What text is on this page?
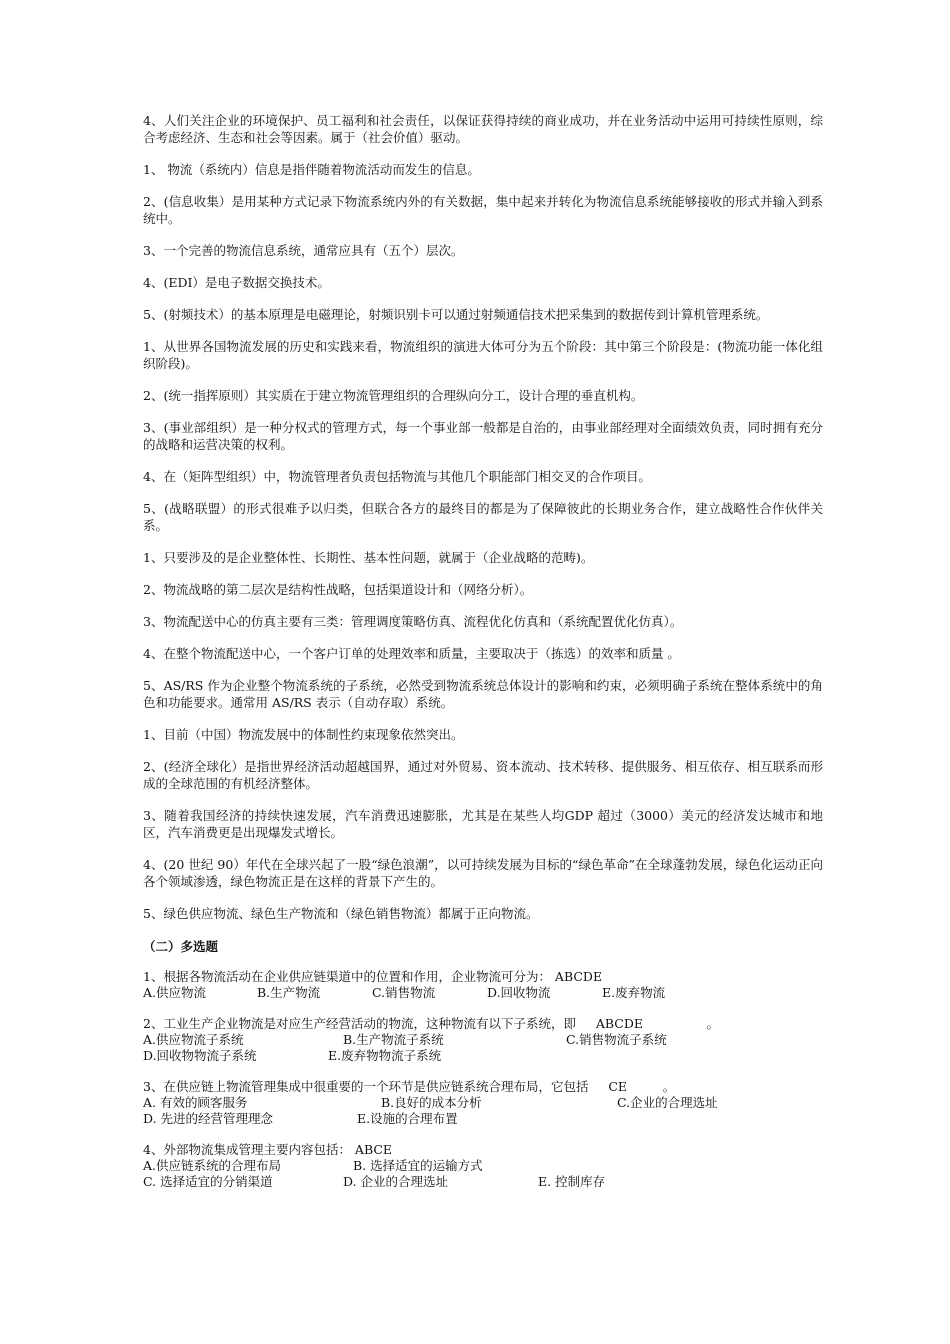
4、人们关注企业的环境保护、员工福利和社会责任，以保证获得持续的商业成功，并在业务活动中运用可持续性原则，综合考虑经济、生态和社会等因素。属于（社会价值）驱动。

1、 物流（系统内）信息是指伴随着物流活动而发生的信息。

2、(信息收集）是用某种方式记录下物流系统内外的有关数据，集中起来并转化为物流信息系统能够接收的形式并输入到系统中。

3、一个完善的物流信息系统，通常应具有（五个）层次。

4、(EDI）是电子数据交换技术。

5、(射频技术）的基本原理是电磁理论，射频识别卡可以通过射频通信技术把采集到的数据传到计算机管理系统。

1、从世界各国物流发展的历史和实践来看，物流组织的演进大体可分为五个阶段：其中第三个阶段是：(物流功能一体化组织阶段)。

2、(统一指挥原则）其实质在于建立物流管理组织的合理纵向分工，设计合理的垂直机构。

3、(事业部组织）是一种分权式的管理方式，每一个事业部一般都是自治的，由事业部经理对全面绩效负责，同时拥有充分的战略和运营决策的权利。

4、在（矩阵型组织）中，物流管理者负责包括物流与其他几个职能部门相交叉的合作项目。

5、(战略联盟）的形式很难予以归类，但联合各方的最终目的都是为了保障彼此的长期业务合作，建立战略性合作伙伴关系。

1、只要涉及的是企业整体性、长期性、基本性问题，就属于（企业战略的范畴)。

2、物流战略的第二层次是结构性战略，包括渠道设计和（网络分析）。

3、物流配送中心的仿真主要有三类：管理调度策略仿真、流程优化仿真和（系统配置优化仿真）。

4、在整个物流配送中心，一个客户订单的处理效率和质量，主要取决于（拣选）的效率和质量 。

5、AS/RS 作为企业整个物流系统的子系统，必然受到物流系统总体设计的影响和约束，必须明确子系统在整体系统中的角色和功能要求。通常用 AS/RS 表示（自动存取）系统。

1、目前（中国）物流发展中的体制性约束现象依然突出。

2、(经济全球化）是指世界经济活动超越国界，通过对外贸易、资本流动、技术转移、提供服务、相互依存、相互联系而形成的全球范围的有机经济整体。

3、随着我国经济的持续快速发展，汽车消费迅速膨胀，尤其是在某些人均GDP 超过（3000）美元的经济发达城市和地区，汽车消费更是出现爆发式增长。

4、(20 世纪 90）年代在全球兴起了一股“绿色浪潮”，以可持续发展为目标的“绿色革命”在全球蓬勃发展，绿色化运动正向各个领域渗透，绿色物流正是在这样的背景下产生的。

5、绿色供应物流、绿色生产物流和（绿色销售物流）都属于正向物流。

（二）多选题
1、根据各物流活动在企业供应链渠道中的位置和作用，企业物流可分为： ABCDE
A.供应物流	B.生产物流	C.销售物流	D.回收物流	E.废弃物流
2、工业生产企业物流是对应生产经营活动的物流，这种物流有以下子系统，即     ABCDE                。
A.供应物流子系统	B.生产物流子系统	C.销售物流子系统
D.回收物物流子系统	E.废弃物物流子系统
3、在供应链上物流管理集成中很重要的一个环节是供应链系统合理布局，它包括     CE         。
A. 有效的顾客服务	B.良好的成本分析	C.企业的合理选址
D. 先进的经营管理理念	E.设施的合理布置
4、外部物流集成管理主要内容包括： ABCE
A.供应链系统的合理布局	B. 选择适宜的运输方式
C. 选择适宜的分销渠道	D. 企业的合理选址	E. 控制库存
